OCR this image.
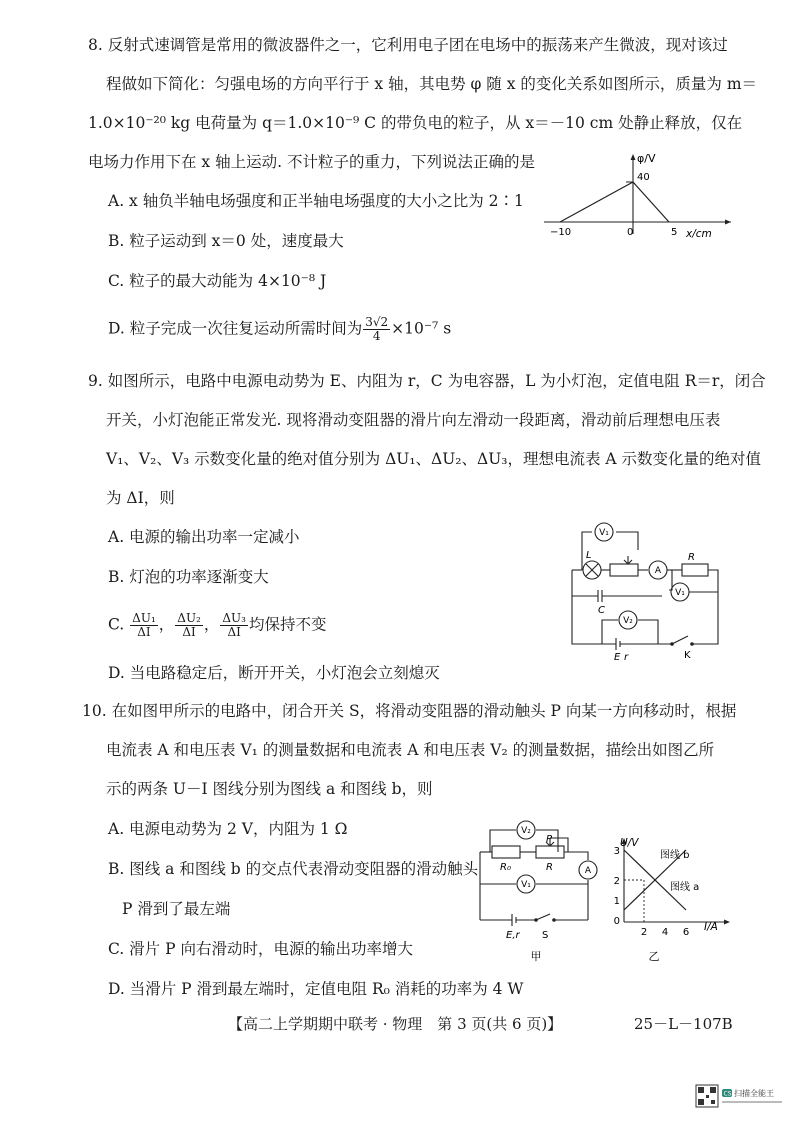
8. 反射式速调管是常用的微波器件之一，它利用电子团在电场中的振荡来产生微波，现对该过
程做如下简化：匀强电场的方向平行于 x 轴，其电势 φ 随 x 的变化关系如图所示，质量为 m＝
1.0×10⁻²⁰ kg 电荷量为 q＝1.0×10⁻⁹ C 的带负电的粒子，从 x＝－10 cm 处静止释放，仅在
电场力作用下在 x 轴上运动. 不计粒子的重力，下列说法正确的是
A. x 轴负半轴电场强度和正半轴电场强度的大小之比为 2∶1
B. 粒子运动到 x＝0 处，速度最大
C. 粒子的最大动能为 4×10⁻⁸ J
D. 粒子完成一次往复运动所需时间为 $\frac{3√2}{4} \times 10^{-7}$ s
φ/V
40
−10	0	5 x/cm
9. 如图所示，电路中电源电动势为 E、内阻为 r，C 为电容器，L 为小灯泡，定值电阻 R＝r，闭合
开关，小灯泡能正常发光. 现将滑动变阻器的滑片向左滑动一段距离，滑动前后理想电压表
V₁、V₂、V₃ 示数变化量的绝对值分别为 ΔU₁、ΔU₂、ΔU₃，理想电流表 A 示数变化量的绝对值
为 ΔI，则
A. 电源的输出功率一定减小
B. 灯泡的功率逐渐变大
C. $\frac{\text{ΔU₁}}{\Delta I}$ ， $\frac{\text{ΔU₂}}{\Delta I}$ ， $\frac{\text{ΔU₃}}{\Delta I}$ 均保持不变
D. 当电路稳定后，断开开关，小灯泡会立刻熄灭
V₁
A
V₁
V₂
L	R
C
E r	K
10. 在如图甲所示的电路中，闭合开关 S，将滑动变阻器的滑动触头 P 向某一方向移动时，根据
电流表 A 和电压表 V₁ 的测量数据和电流表 A 和电压表 V₂ 的测量数据，描绘出如图乙所
示的两条 U－I 图线分别为图线 a 和图线 b，则
A. 电源电动势为 2 V，内阻为 1 Ω
B. 图线 a 和图线 b 的交点代表滑动变阻器的滑动触头
P 滑到了最左端
C. 滑片 P 向右滑动时，电源的输出功率增大
D. 当滑片 P 滑到最左端时，定值电阻 R₀ 消耗的功率为 4 W
V₂
A
V₁
P
R₀	R
E,r S
甲
3
2
1
0
2 4 6
U/V
I/A
图线 b
图线 a
乙
【高二上学期期中联考 · 物理　第 3 页(共 6 页)】	25－L－107B
CS 扫描全能王
